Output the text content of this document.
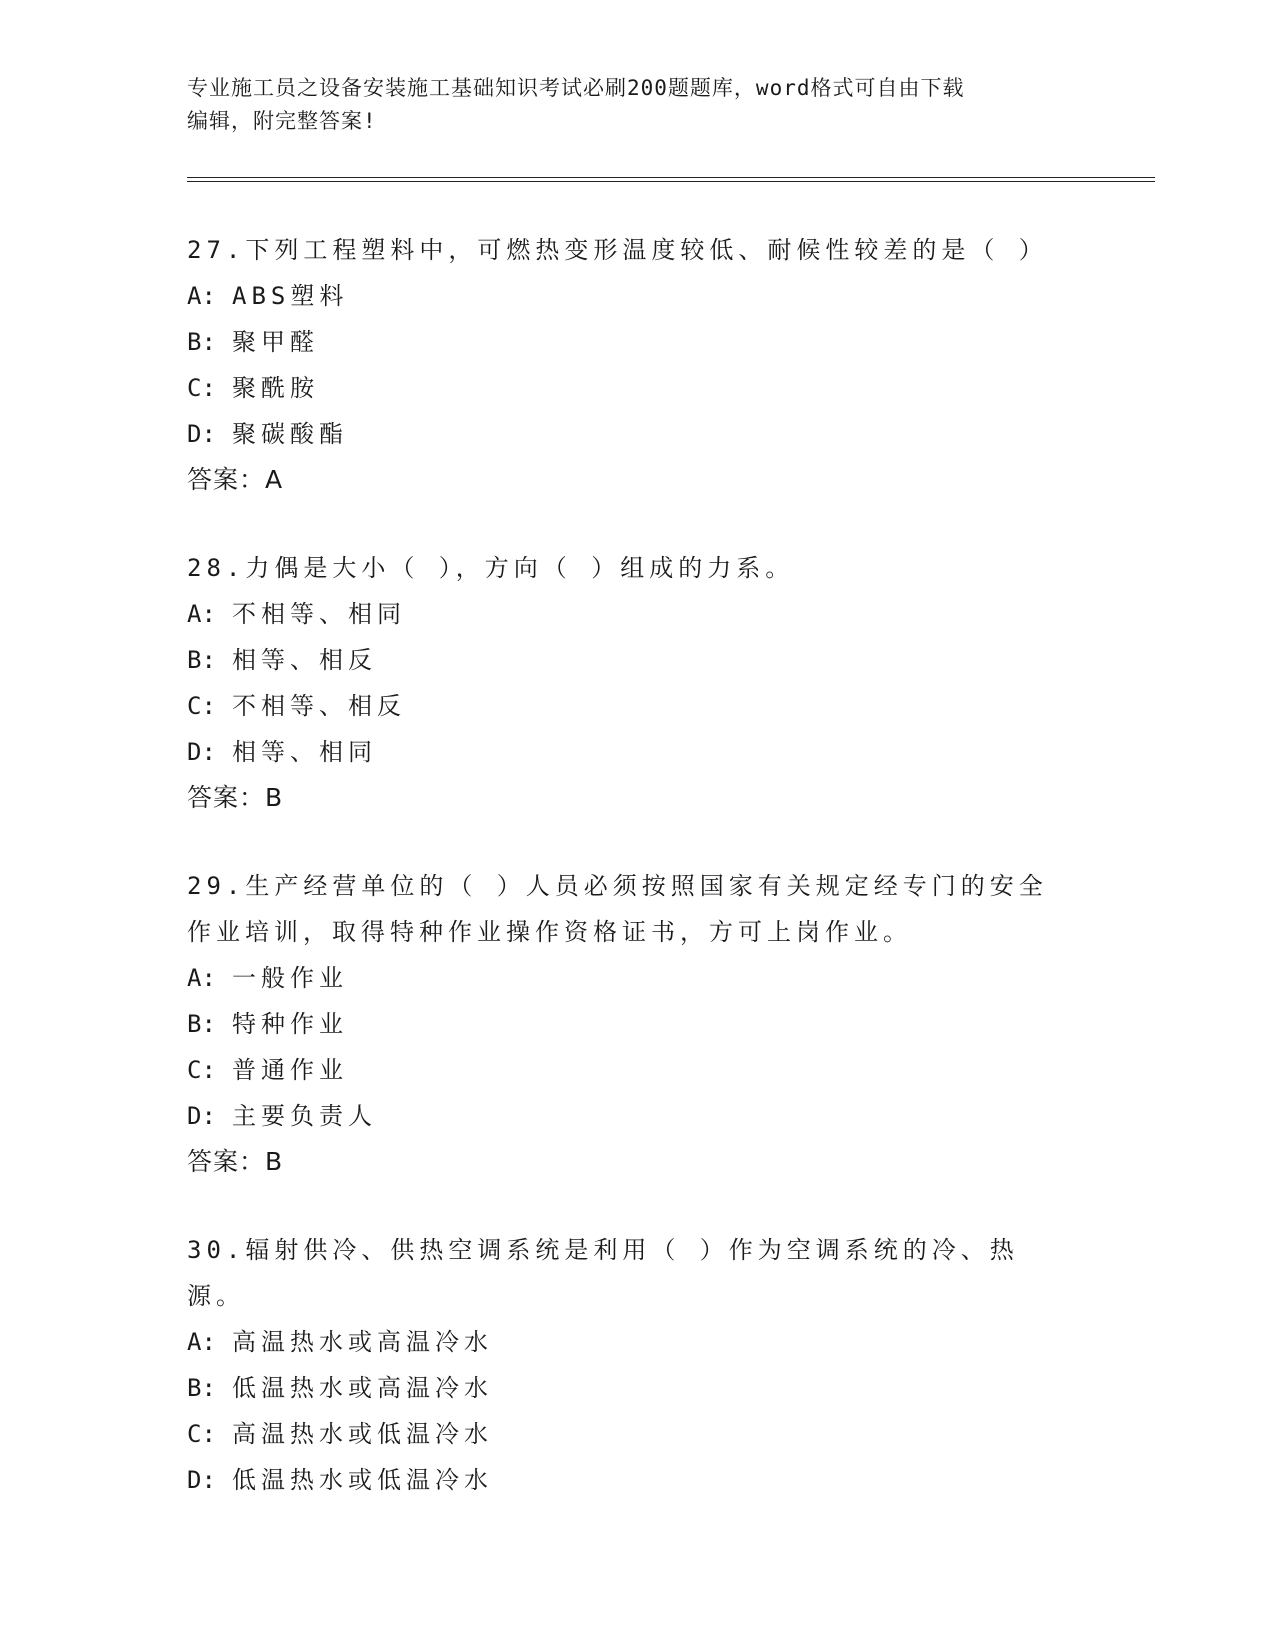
专业施工员之设备安装施工基础知识考试必刷200题题库，word格式可自由下载
编辑，附完整答案!

27.下列工程塑料中，可燃热变形温度较低、耐候性较差的是（ ）

A: ABS塑料

B: 聚甲醛

C: 聚酰胺

D: 聚碳酸酯

答案：A

28.力偶是大小（ ），方向（ ）组成的力系。

A: 不相等、相同

B: 相等、相反

C: 不相等、相反

D: 相等、相同

答案：B

29.生产经营单位的（ ）人员必须按照国家有关规定经专门的安全作业培训，取得特种作业操作资格证书，方可上岗作业。

A: 一般作业

B: 特种作业

C: 普通作业

D: 主要负责人

答案：B

30.辐射供冷、供热空调系统是利用（ ）作为空调系统的冷、热源。

A: 高温热水或高温冷水

B: 低温热水或高温冷水

C: 高温热水或低温冷水

D: 低温热水或低温冷水
